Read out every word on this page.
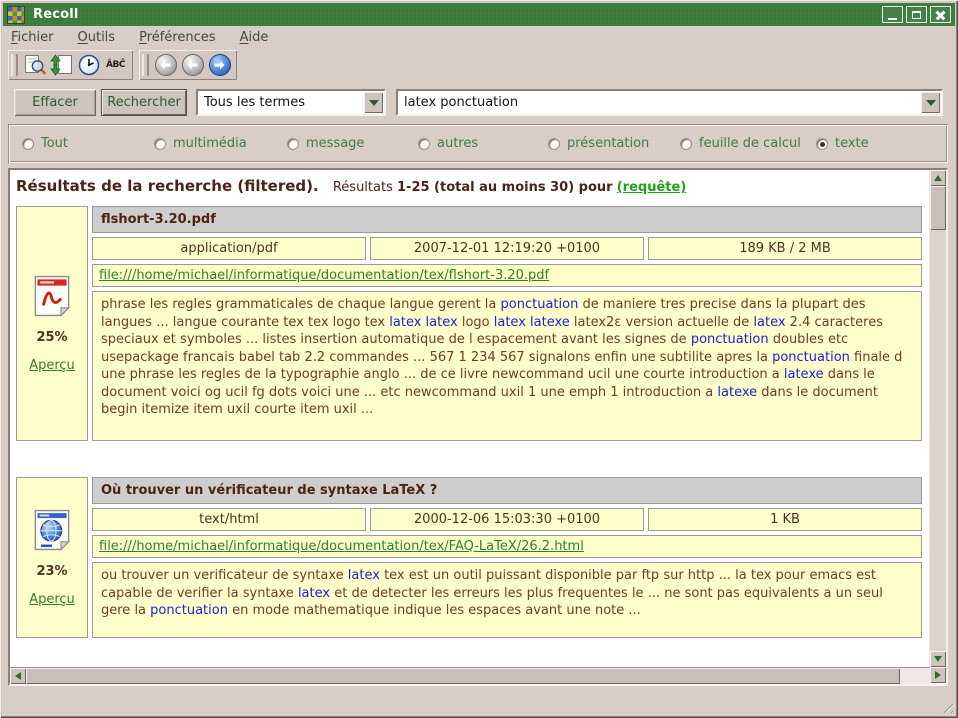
Recoll
Fichier Outils Préférences Aide
ÂBĈ
Effacer	Rechercher	Tous les termes
latex ponctuation
Tout	multimédia	message	autres	présentation	feuille de calcul	texte
Résultats de la recherche (filtered). Résultats 1-25 (total au moins 30) pour (requête)
25%
Aperçu
flshort-3.20.pdf
application/pdf	2007-12-01 12:19:20 +0100	189 KB / 2 MB
file:///home/michael/informatique/documentation/tex/flshort-3.20.pdf
phrase les regles grammaticales de chaque langue gerent la ponctuation de maniere tres precise dans la plupart des langues ... langue courante tex tex logo tex latex latex logo latex latexe latex2ε version actuelle de latex 2.4 caracteres speciaux et symboles ... listes insertion automatique de l espacement avant les signes de ponctuation doubles etc usepackage francais babel tab 2.2 commandes ... 567 1 234 567 signalons enfin une subtilite apres la ponctuation finale d une phrase les regles de la typographie anglo ... de ce livre newcommand ucil une courte introduction a latexe dans le document voici og ucil fg dots voici une ... etc newcommand uxil 1 une emph 1 introduction a latexe dans le document begin itemize item uxil courte item uxil ...
23%
Aperçu
Où trouver un vérificateur de syntaxe LaTeX ?
text/html	2000-12-06 15:03:30 +0100	1 KB
file:///home/michael/informatique/documentation/tex/FAQ-LaTeX/26.2.html
ou trouver un verificateur de syntaxe latex tex est un outil puissant disponible par ftp sur http ... la tex pour emacs est capable de verifier la syntaxe latex et de detecter les erreurs les plus frequentes le ... ne sont pas equivalents a un seul gere la ponctuation en mode mathematique indique les espaces avant une note ...
